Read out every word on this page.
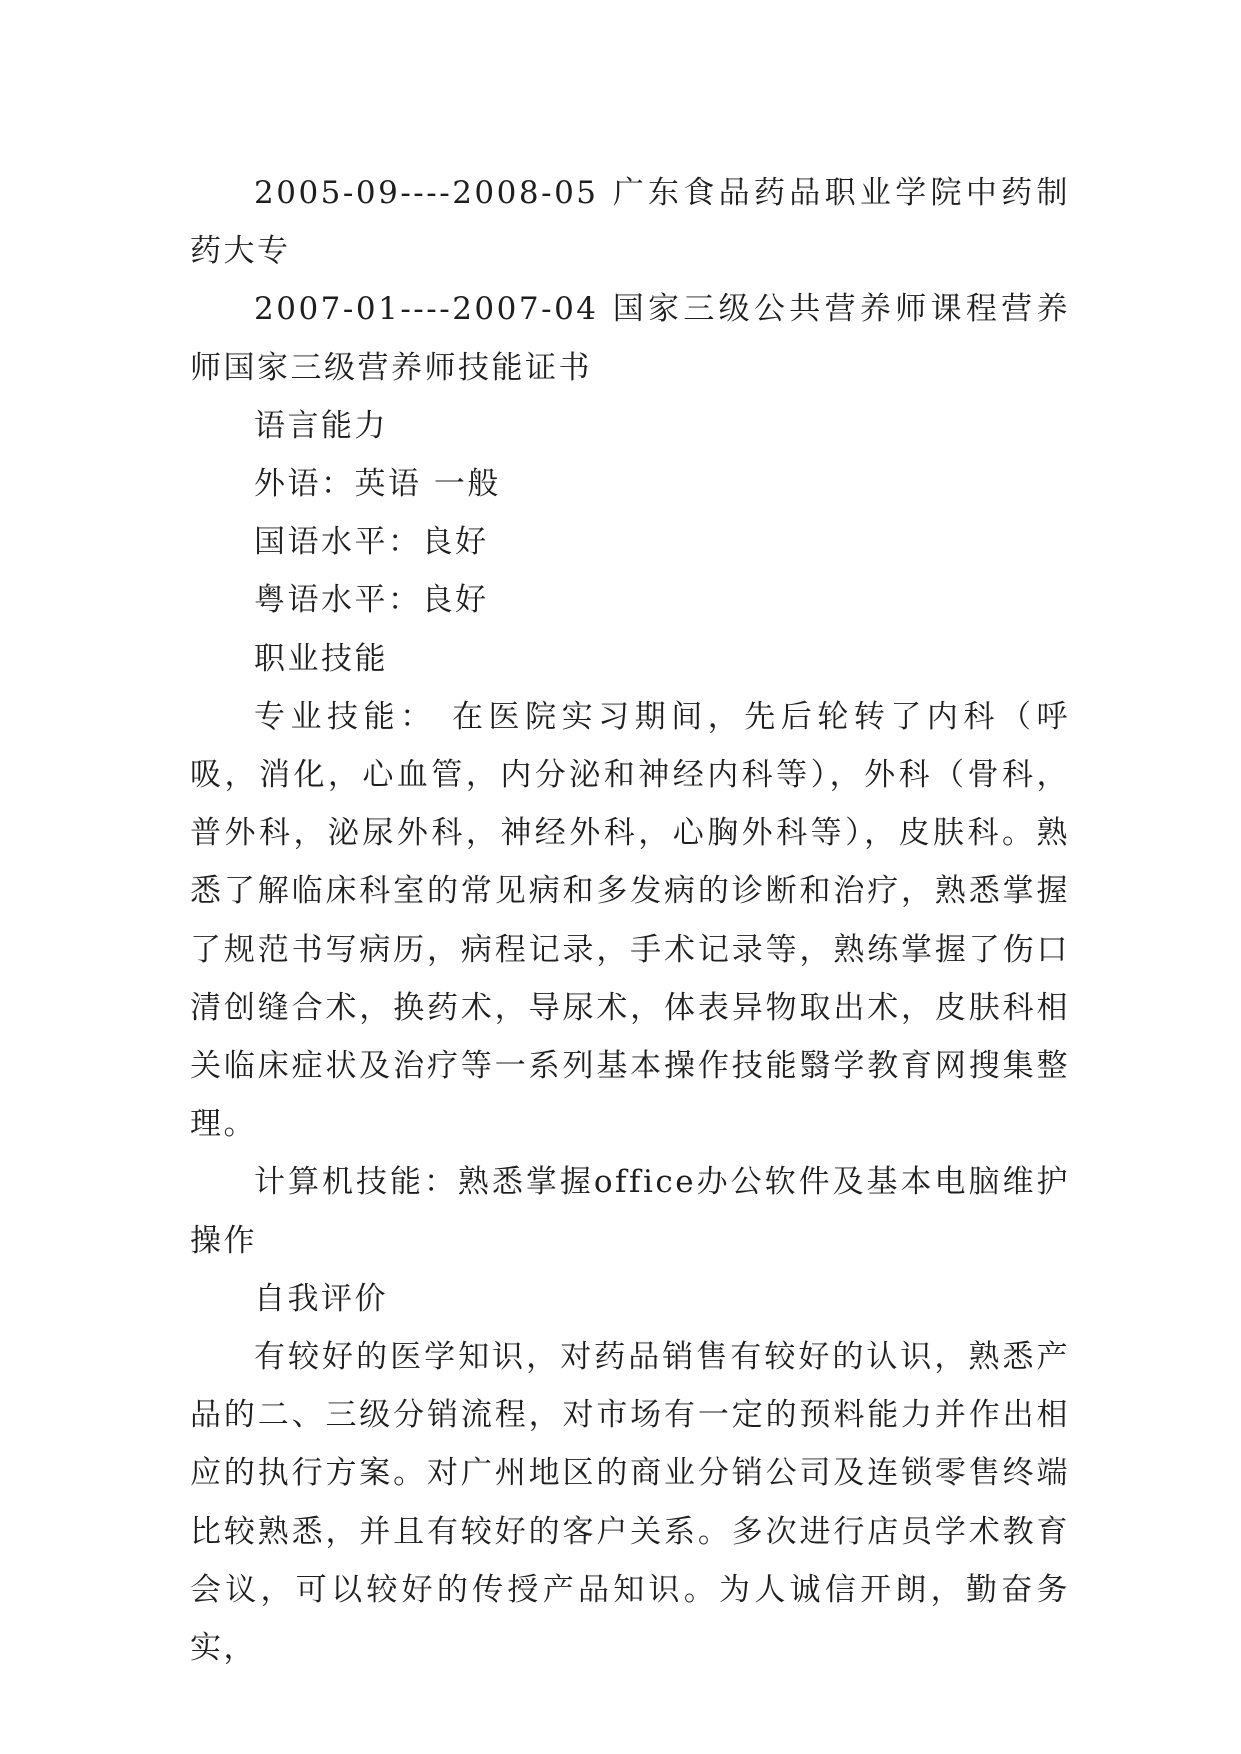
2005-09----2008-05 广东食品药品职业学院中药制药大专

2007-01----2007-04 国家三级公共营养师课程营养师国家三级营养师技能证书

语言能力

外语：英语 一般

国语水平：良好

粤语水平：良好

职业技能

专业技能： 在医院实习期间，先后轮转了内科（呼吸，消化，心血管，内分泌和神经内科等），外科（骨科，普外科，泌尿外科，神经外科，心胸外科等），皮肤科。熟悉了解临床科室的常见病和多发病的诊断和治疗，熟悉掌握了规范书写病历，病程记录，手术记录等，熟练掌握了伤口清创缝合术，换药术，导尿术，体表异物取出术，皮肤科相关临床症状及治疗等一系列基本操作技能翳学教育网搜集整理。

计算机技能：熟悉掌握office办公软件及基本电脑维护操作

自我评价

有较好的医学知识，对药品销售有较好的认识，熟悉产品的二、三级分销流程，对市场有一定的预料能力并作出相应的执行方案。对广州地区的商业分销公司及连锁零售终端比较熟悉，并且有较好的客户关系。多次进行店员学术教育会议，可以较好的传授产品知识。为人诚信开朗，勤奋务实，
